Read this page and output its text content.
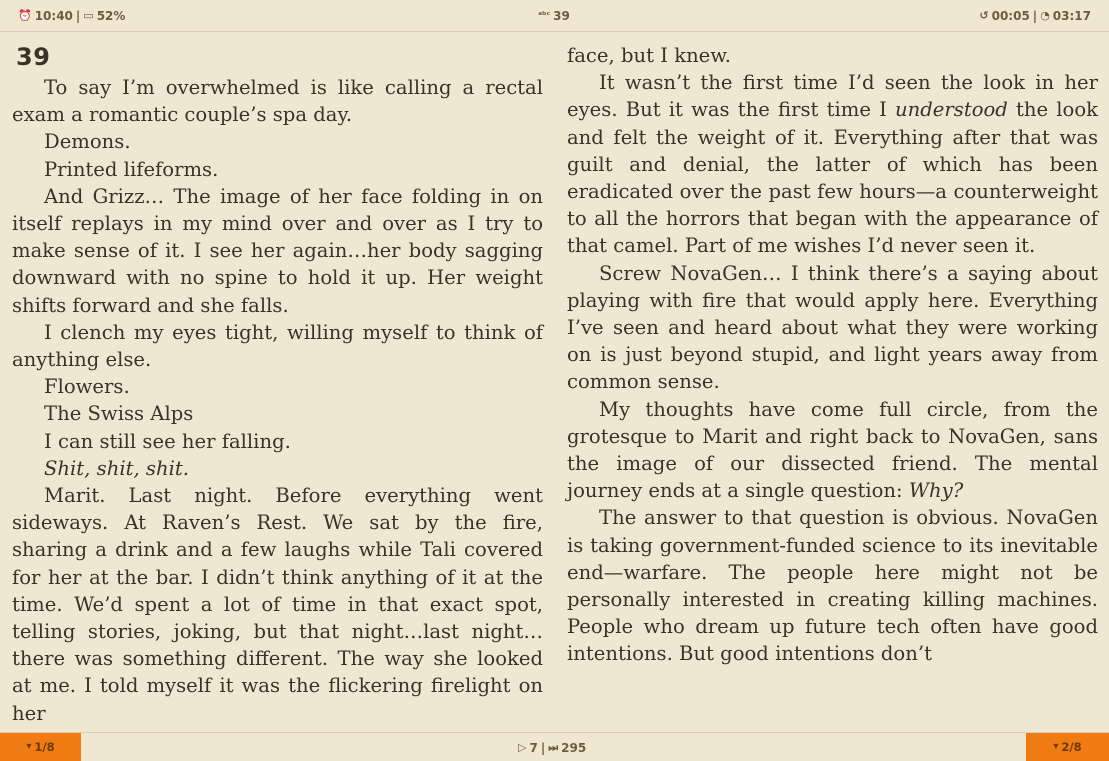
⏰ 10:40 | ▭ 52%	ᵃᵇᶜ 39	↺ 00:05 | ◔ 03:17
39

To say I’m overwhelmed is like calling a rectal exam a romantic couple’s spa day.

Demons.

Printed lifeforms.

And Grizz… The image of her face folding in on itself replays in my mind over and over as I try to make sense of it. I see her again…her body sagging downward with no spine to hold it up. Her weight shifts forward and she falls.

I clench my eyes tight, willing myself to think of anything else.

Flowers.

The Swiss Alps

I can still see her falling.

Shit, shit, shit.

Marit. Last night. Before everything went sideways. At Raven’s Rest. We sat by the fire, sharing a drink and a few laughs while Tali covered for her at the bar. I didn’t think anything of it at the time. We’d spent a lot of time in that exact spot, telling stories, joking, but that night…last night…there was something different. The way she looked at me. I told myself it was the flickering firelight on her

face, but I knew.

It wasn’t the first time I’d seen the look in her eyes. But it was the first time I understood the look and felt the weight of it. Everything after that was guilt and denial, the latter of which has been eradicated over the past few hours—a counterweight to all the horrors that began with the appearance of that camel. Part of me wishes I’d never seen it.

Screw NovaGen… I think there’s a saying about playing with fire that would apply here. Everything I’ve seen and heard about what they were working on is just beyond stupid, and light years away from common sense.

My thoughts have come full circle, from the grotesque to Marit and right back to NovaGen, sans the image of our dissected friend. The mental journey ends at a single question: Why?

The answer to that question is obvious. NovaGen is taking government-funded science to its inevitable end—warfare. The people here might not be personally interested in creating killing machines. People who dream up future tech often have good intentions. But good intentions don’t

▾ 1/8	▷ 7 | ⏭ 295	▾ 2/8
